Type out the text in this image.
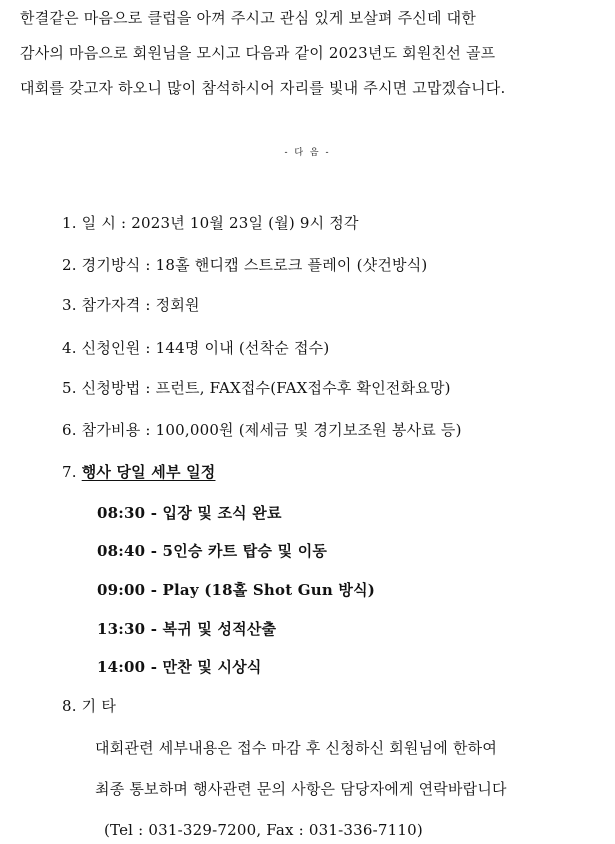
한결같은 마음으로 클럽을 아껴 주시고 관심 있게 보살펴 주신데 대한
감사의 마음으로 회원님을 모시고 다음과 같이 2023년도 회원친선 골프
대회를 갖고자 하오니 많이 참석하시어 자리를 빛내 주시면 고맙겠습니다.
- 다 음 -
1. 일 시 : 2023년 10월 23일 (월) 9시 정각
2. 경기방식 : 18홀 핸디캡 스트로크 플레이 (샷건방식)
3. 참가자격 : 정회원
4. 신청인원 : 144명 이내 (선착순 접수)
5. 신청방법 : 프런트, FAX접수(FAX접수후 확인전화요망)
6. 참가비용 : 100,000원 (제세금 및 경기보조원 봉사료 등)
7. 행사 당일 세부 일정
08:30 - 입장 및 조식 완료
08:40 - 5인승 카트 탑승 및 이동
09:00 - Play (18홀 Shot Gun 방식)
13:30 - 복귀 및 성적산출
14:00 - 만찬 및 시상식
8. 기 타
대회관련 세부내용은 접수 마감 후 신청하신 회원님에 한하여
최종 통보하며 행사관련 문의 사항은 담당자에게 연락바랍니다
(Tel : 031-329-7200, Fax : 031-336-7110)
